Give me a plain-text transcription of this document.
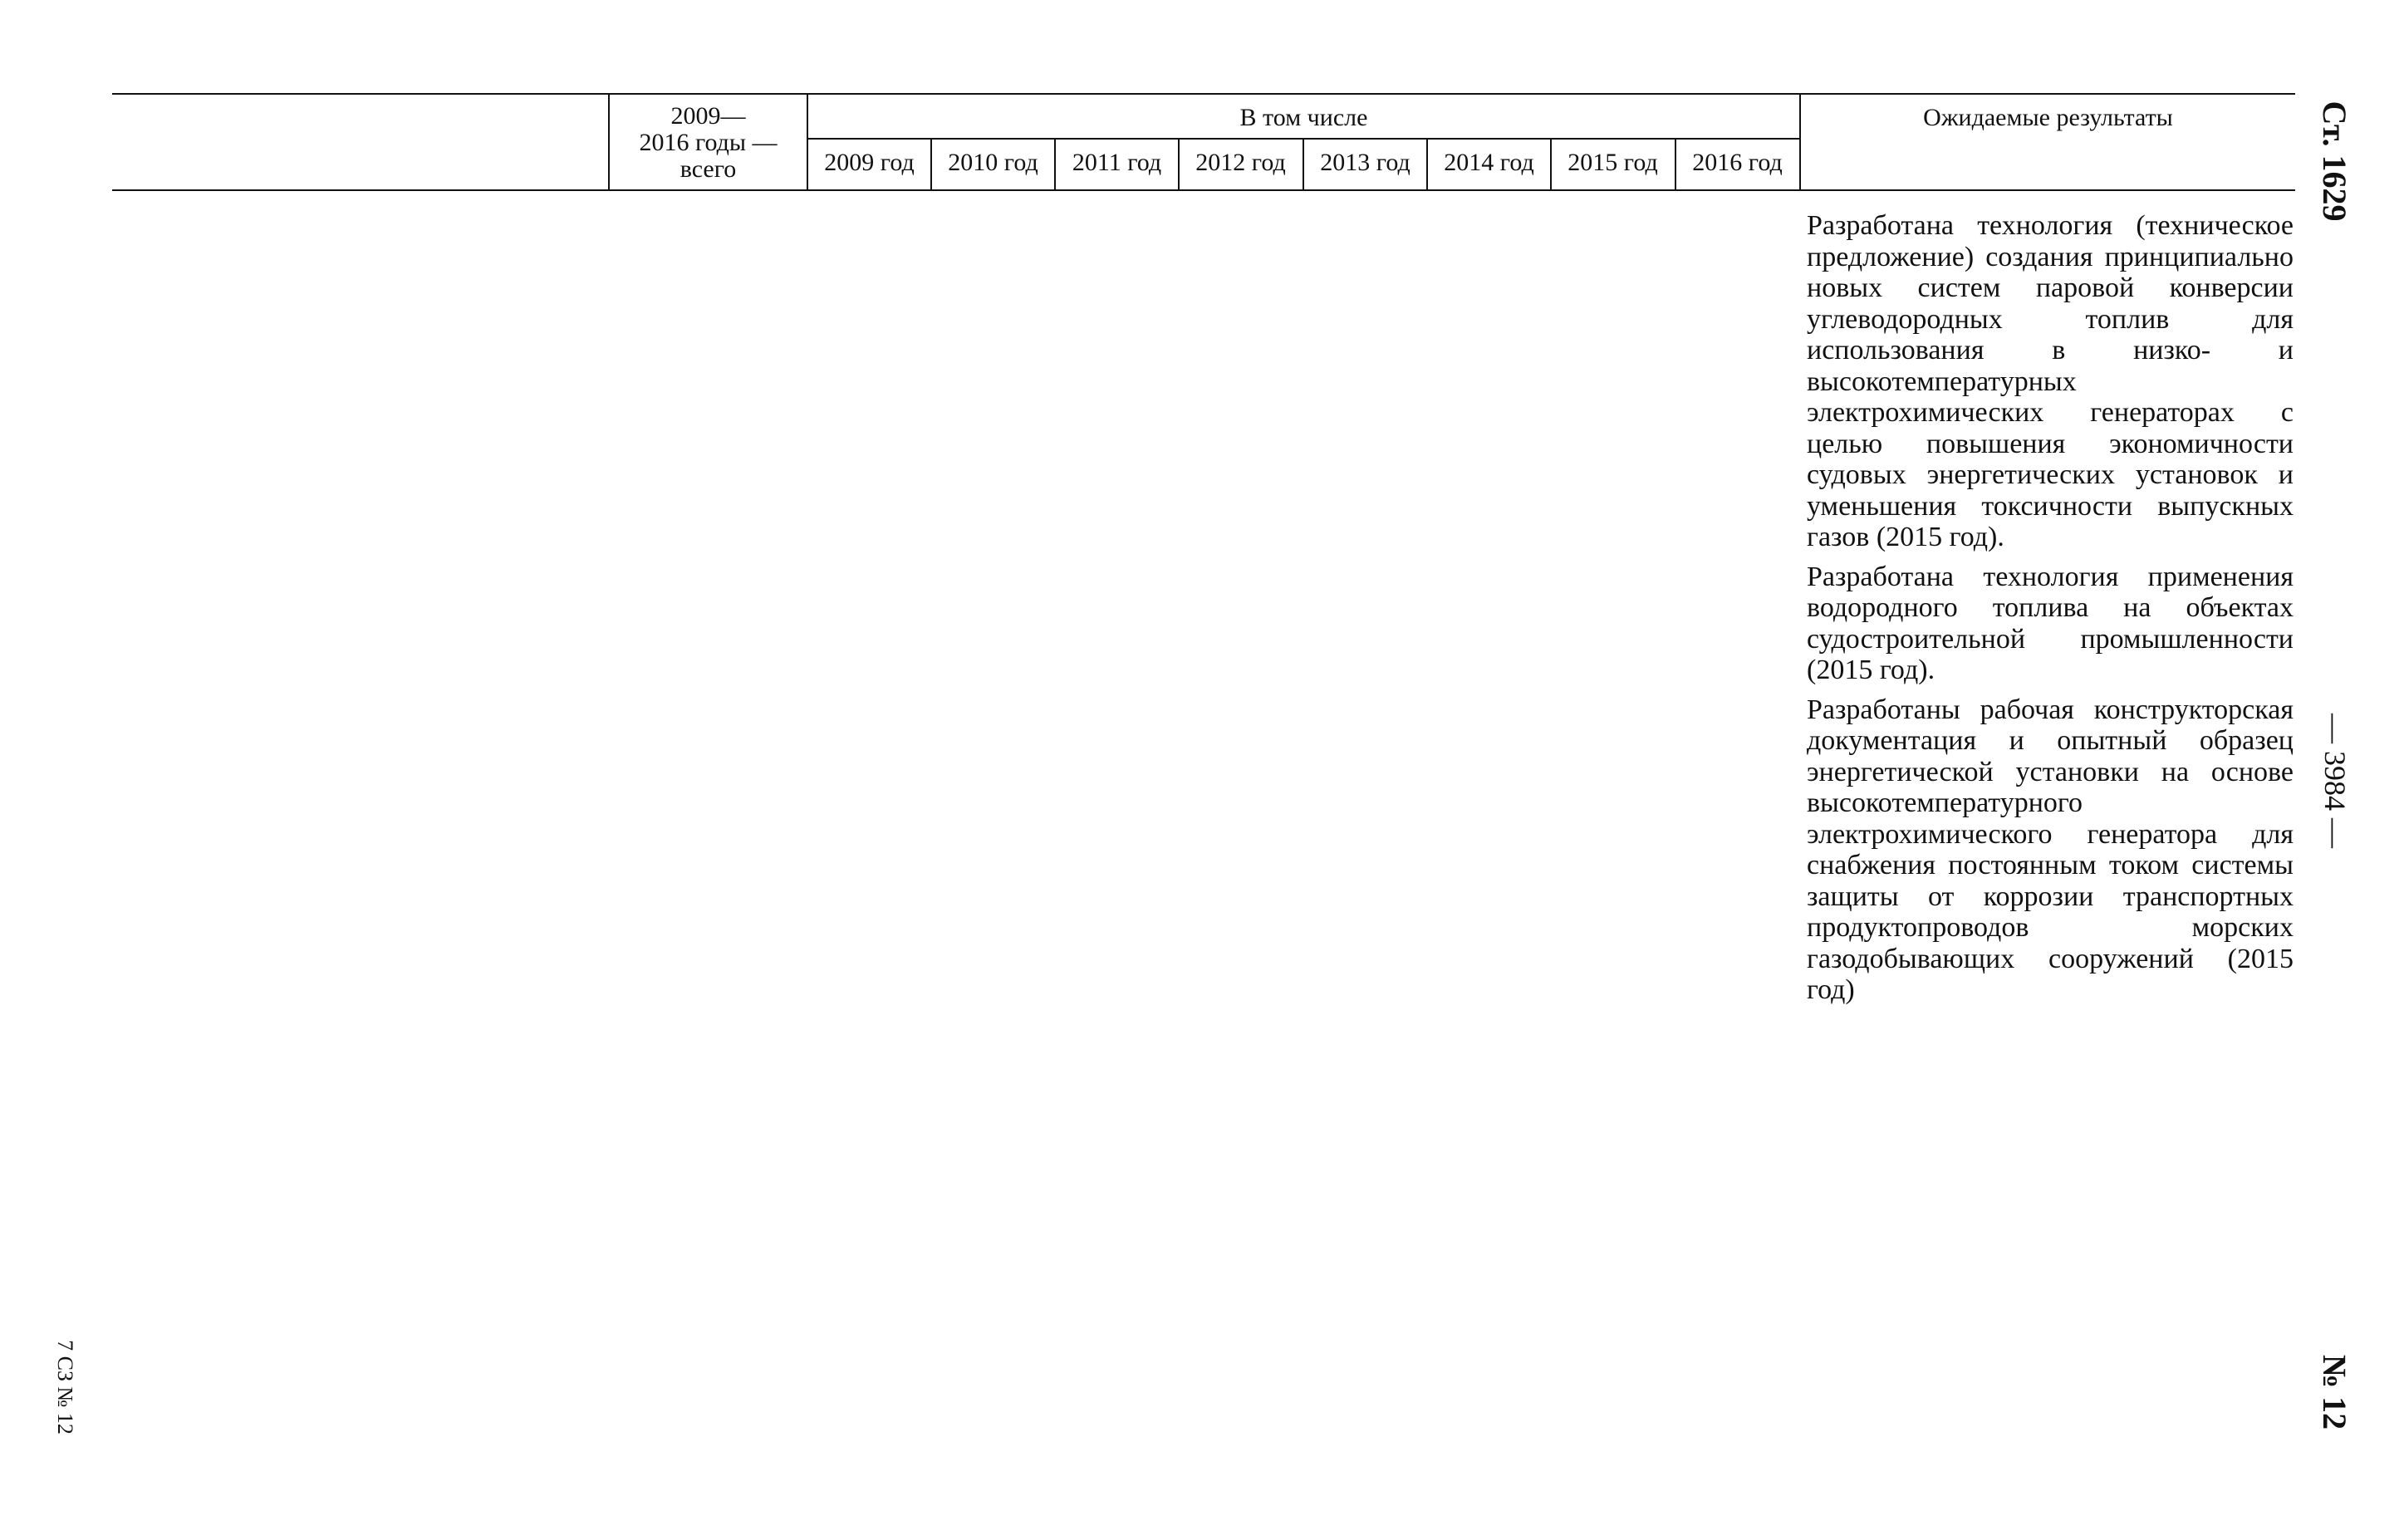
2009—
2016 годы —
всего
В том числе
2009 год	2010 год	2011 год	2012 год	2013 год	2014 год	2015 год	2016 год
Ожидаемые результаты

Разработана технология (техническое предложение) создания принципиально новых систем паровой конверсии углеводородных топлив для использования в низко- и высокотемпературных электрохимических генераторах с целью повышения экономичности судовых энергетических установок и уменьшения токсичности выпускных газов (2015 год).

Разработана технология применения водородного топлива на объектах судостроительной промышленности (2015 год).

Разработаны рабочая конструкторская документация и опытный образец энергетической установки на основе высокотемпературного электрохимического генератора для снабжения постоянным током системы защиты от коррозии транспортных продуктопроводов морских газодобывающих сооружений (2015 год)

Ст. 1629
— 3984 —
№ 12
7 СЗ № 12
